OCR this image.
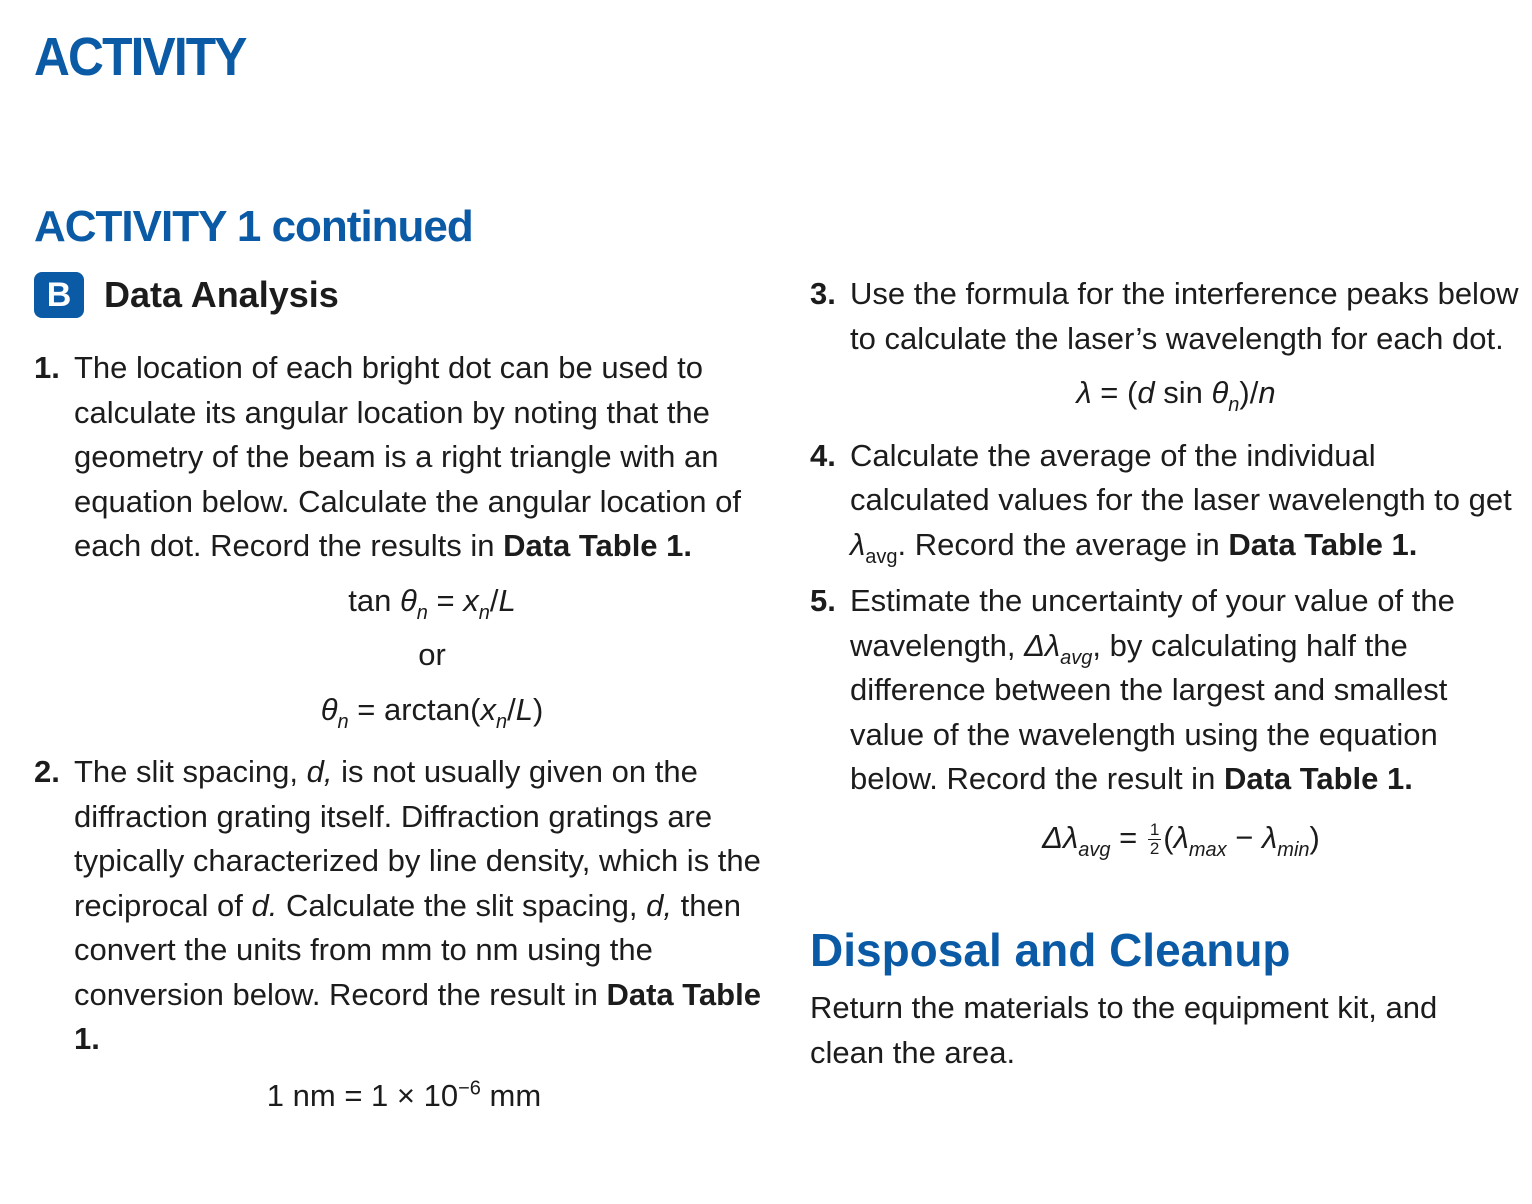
ACTIVITY
ACTIVITY 1 continued
B Data Analysis
1. The location of each bright dot can be used to calculate its angular location by noting that the geometry of the beam is a right triangle with an equation below. Calculate the angular location of each dot. Record the results in Data Table 1.
$\tan \theta_n = x_n/L$
or
$\theta_n = \arctan(x_n/L)$
2. The slit spacing, d, is not usually given on the diffraction grating itself. Diffraction gratings are typically characterized by line density, which is the reciprocal of d. Calculate the slit spacing, d, then convert the units from mm to nm using the conversion below. Record the result in Data Table 1.
1 nm = $1 \times 10^{-6}$ mm
3. Use the formula for the interference peaks below to calculate the laser’s wavelength for each dot.
λ = (d $\sin \theta_n)/n$
4. Calculate the average of the individual calculated values for the laser wavelength to get $\lambda_{avg}$. Record the average in Data Table 1.
5. Estimate the uncertainty of your value of the wavelength, $\Delta\lambda_{avg}$, by calculating half the difference between the largest and smallest value of the wavelength using the equation below. Record the result in Data Table 1.
$\Delta\lambda_{avg} = \frac{1}{2} (\lambda_{max} - \lambda_{min})$
Disposal and Cleanup
Return the materials to the equipment kit, and clean the area.
